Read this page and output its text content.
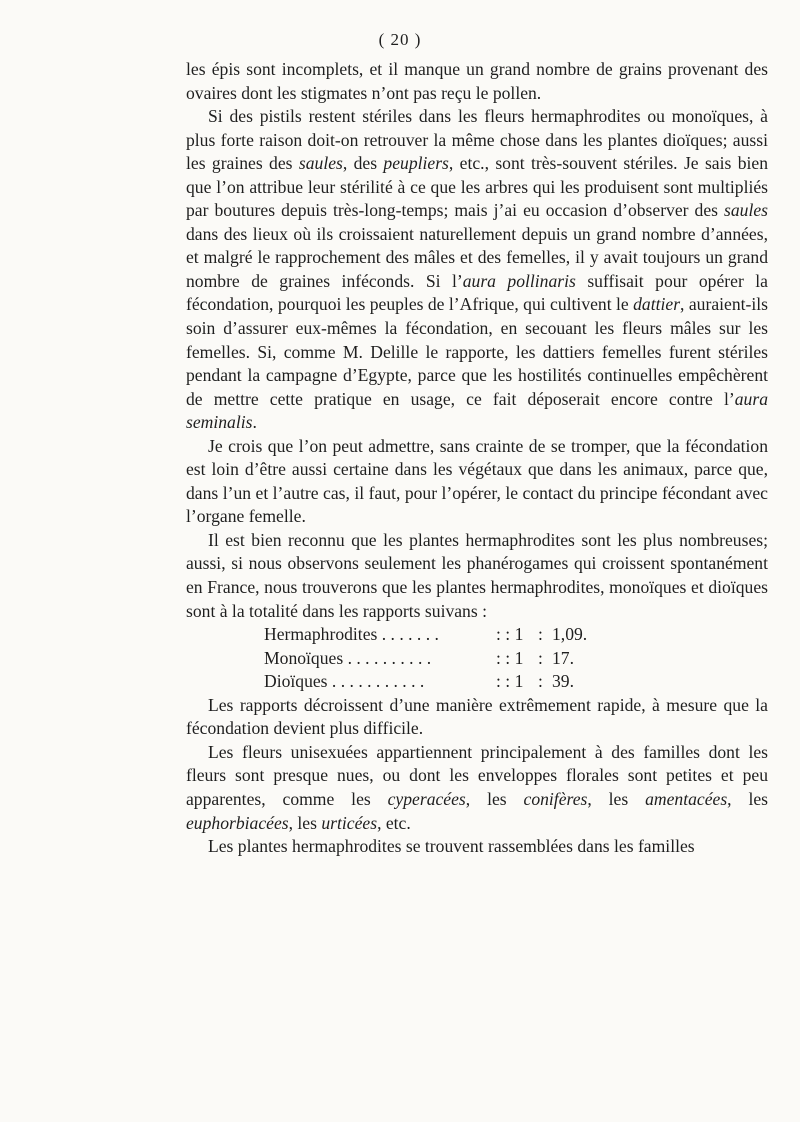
( 20 )

les épis sont incomplets, et il manque un grand nombre de grains provenant des ovaires dont les stigmates n’ont pas reçu le pollen.

Si des pistils restent stériles dans les fleurs hermaphrodites ou monoïques, à plus forte raison doit-on retrouver la même chose dans les plantes dioïques; aussi les graines des saules, des peupliers, etc., sont très-souvent stériles. Je sais bien que l’on attribue leur stérilité à ce que les arbres qui les produisent sont multipliés par boutures depuis très-long-temps; mais j’ai eu occasion d’observer des saules dans des lieux où ils croissaient naturellement depuis un grand nombre d’années, et malgré le rapprochement des mâles et des femelles, il y avait toujours un grand nombre de graines inféconds. Si l’aura pollinaris suffisait pour opérer la fécondation, pourquoi les peuples de l’Afrique, qui cultivent le dattier, auraient-ils soin d’assurer eux-mêmes la fécondation, en secouant les fleurs mâles sur les femelles. Si, comme M. Delille le rapporte, les dattiers femelles furent stériles pendant la campagne d’Egypte, parce que les hostilités continuelles empêchèrent de mettre cette pratique en usage, ce fait déposerait encore contre l’aura seminalis.

Je crois que l’on peut admettre, sans crainte de se tromper, que la fécondation est loin d’être aussi certaine dans les végétaux que dans les animaux, parce que, dans l’un et l’autre cas, il faut, pour l’opérer, le contact du principe fécondant avec l’organe femelle.

Il est bien reconnu que les plantes hermaphrodites sont les plus nombreuses; aussi, si nous observons seulement les phanérogames qui croissent spontanément en France, nous trouverons que les plantes hermaphrodites, monoïques et dioïques sont à la totalité dans les rapports suivans :

Hermaphrodites . . . . . . .	: : 1 : 1,09.
Monoïques . . . . . . . . . .	: : 1 : 17.
Dioïques . . . . . . . . . . .	: : 1 : 39.

Les rapports décroissent d’une manière extrêmement rapide, à mesure que la fécondation devient plus difficile.

Les fleurs unisexuées appartiennent principalement à des familles dont les fleurs sont presque nues, ou dont les enveloppes florales sont petites et peu apparentes, comme les cyperacées, les conifères, les amentacées, les euphorbiacées, les urticées, etc.

Les plantes hermaphrodites se trouvent rassemblées dans les familles
